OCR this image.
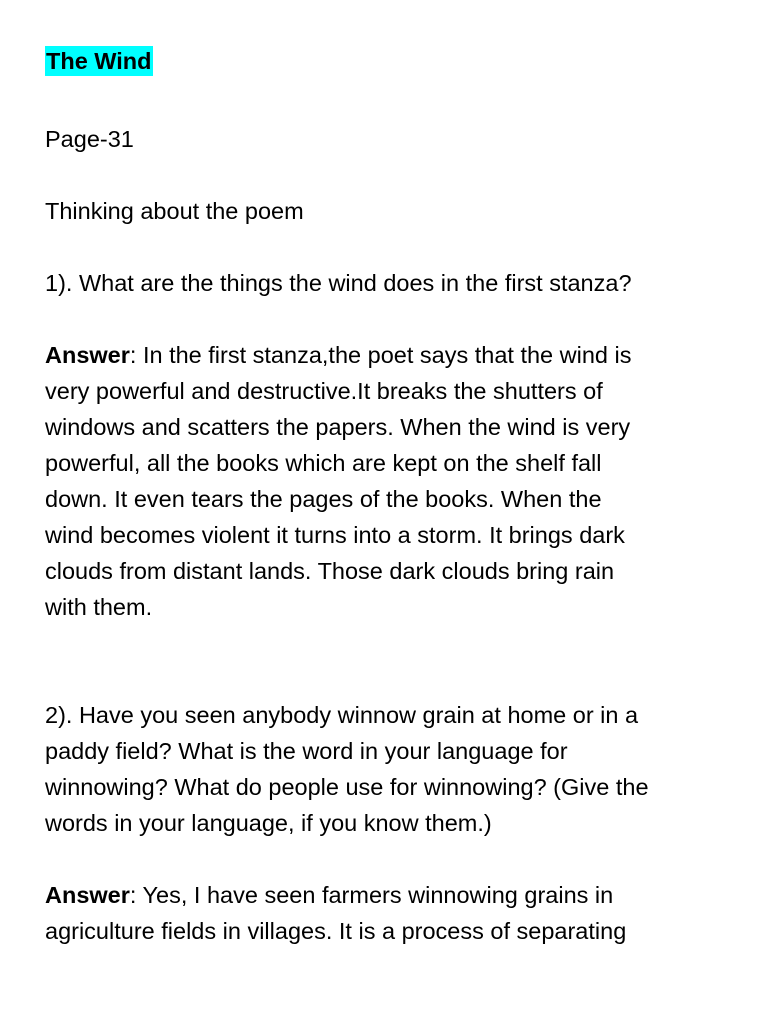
The Wind
Page-31
Thinking about the poem
1). What are the things the wind does in the first stanza?
Answer: In the first stanza,the poet says that the wind is
very powerful and destructive.It breaks the shutters of
windows and scatters the papers. When the wind is very
powerful, all the books which are kept on the shelf fall
down. It even tears the pages of the books. When the
wind becomes violent it turns into a storm. It brings dark
clouds from distant lands. Those dark clouds bring rain
with them.
2). Have you seen anybody winnow grain at home or in a
paddy field? What is the word in your language for
winnowing? What do people use for winnowing? (Give the
words in your language, if you know them.)
Answer: Yes, I have seen farmers winnowing grains in
agriculture fields in villages. It is a process of separating
